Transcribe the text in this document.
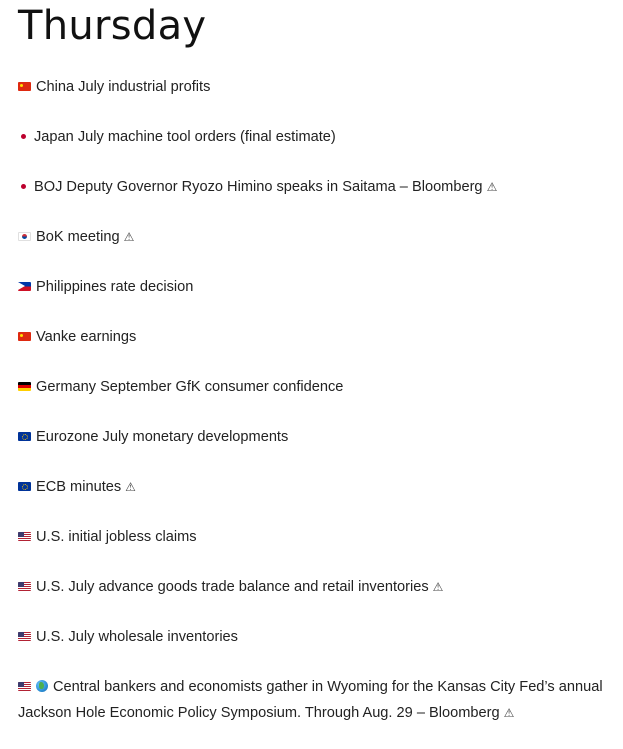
Thursday
China July industrial profits
Japan July machine tool orders (final estimate)
BOJ Deputy Governor Ryozo Himino speaks in Saitama – Bloomberg ⚠
BoK meeting ⚠
Philippines rate decision
Vanke earnings
Germany September GfK consumer confidence
Eurozone July monetary developments
ECB minutes ⚠
U.S. initial jobless claims
U.S. July advance goods trade balance and retail inventories ⚠
U.S. July wholesale inventories
Central bankers and economists gather in Wyoming for the Kansas City Fed’s annual Jackson Hole Economic Policy Symposium. Through Aug. 29 – Bloomberg ⚠
